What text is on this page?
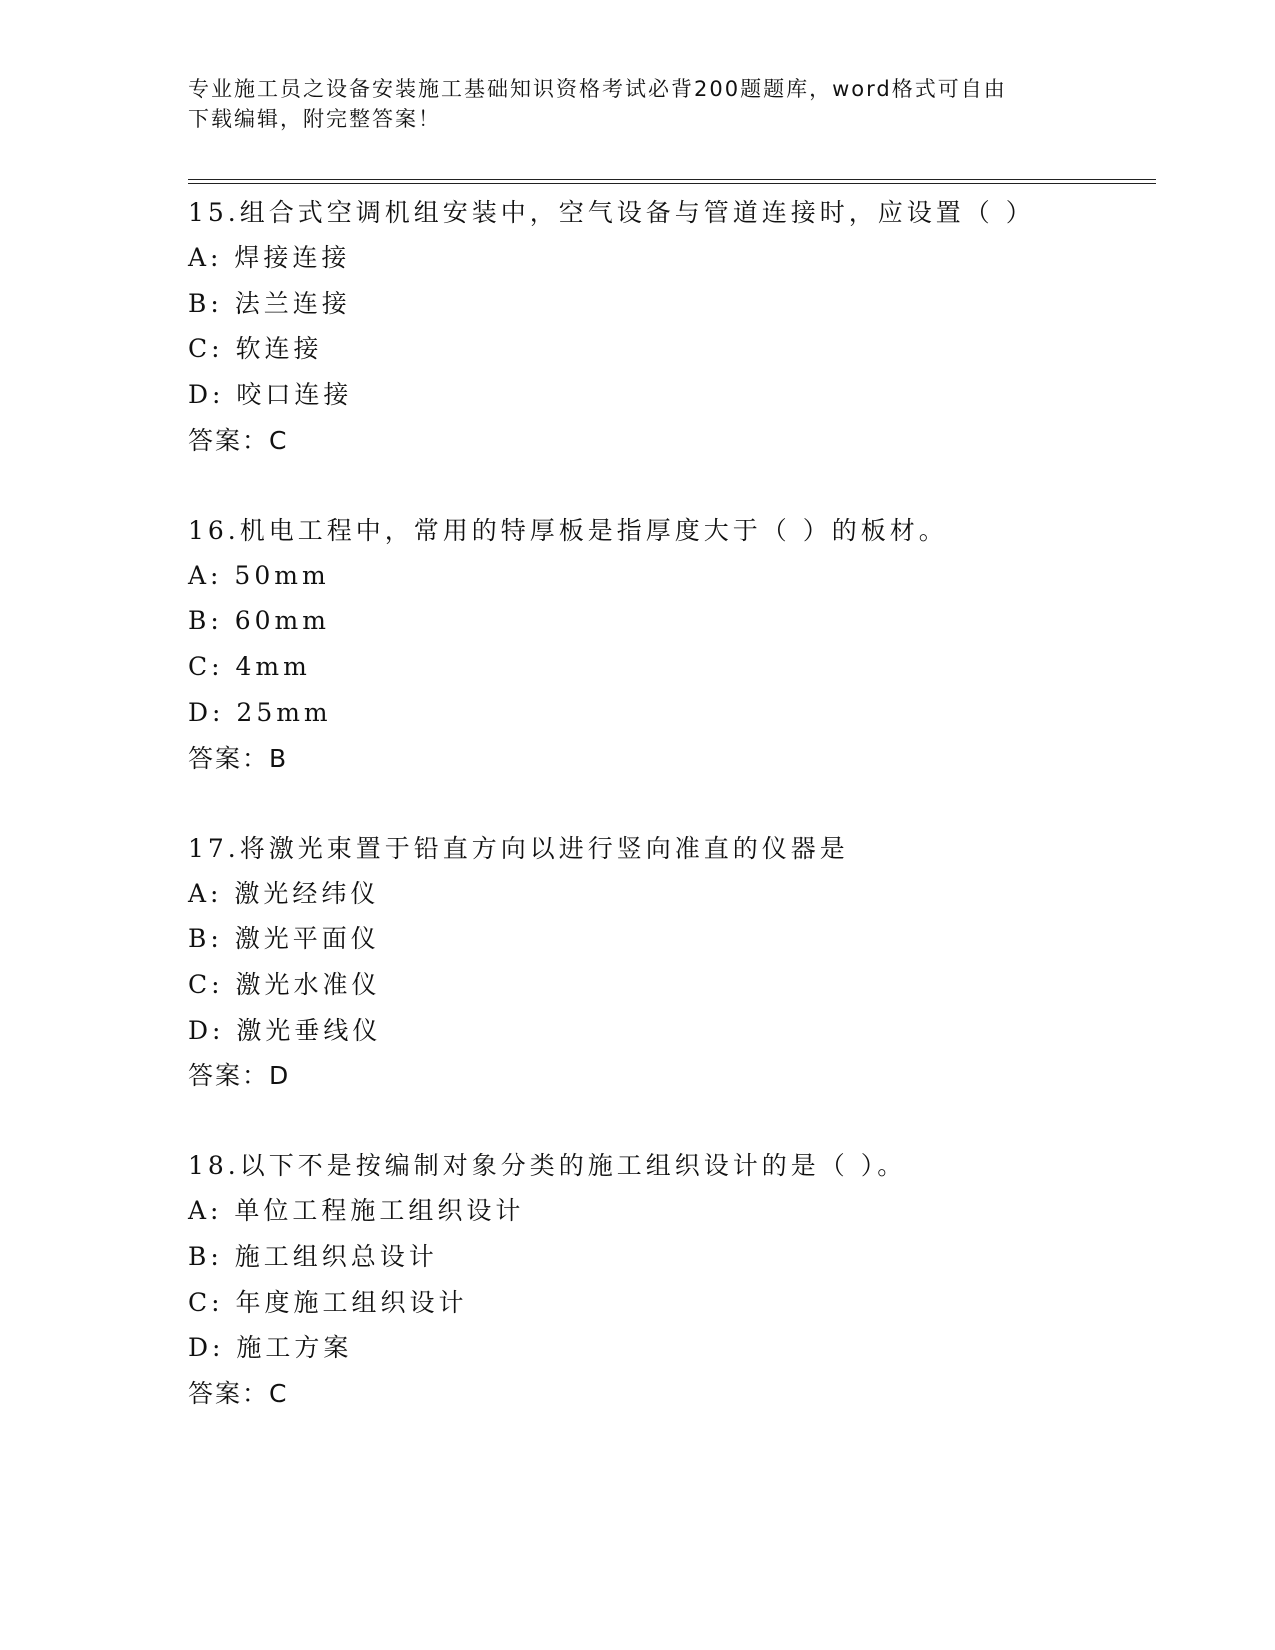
专业施工员之设备安装施工基础知识资格考试必背200题题库，word格式可自由
下载编辑，附完整答案！
15.组合式空调机组安装中，空气设备与管道连接时，应设置（ ）
A: 焊接连接
B: 法兰连接
C: 软连接
D: 咬口连接
答案：C
16.机电工程中，常用的特厚板是指厚度大于（ ）的板材。
A: 50mm
B: 60mm
C: 4mm
D: 25mm
答案：B
17.将激光束置于铅直方向以进行竖向准直的仪器是
A: 激光经纬仪
B: 激光平面仪
C: 激光水准仪
D: 激光垂线仪
答案：D
18.以下不是按编制对象分类的施工组织设计的是（ ）。
A: 单位工程施工组织设计
B: 施工组织总设计
C: 年度施工组织设计
D: 施工方案
答案：C
